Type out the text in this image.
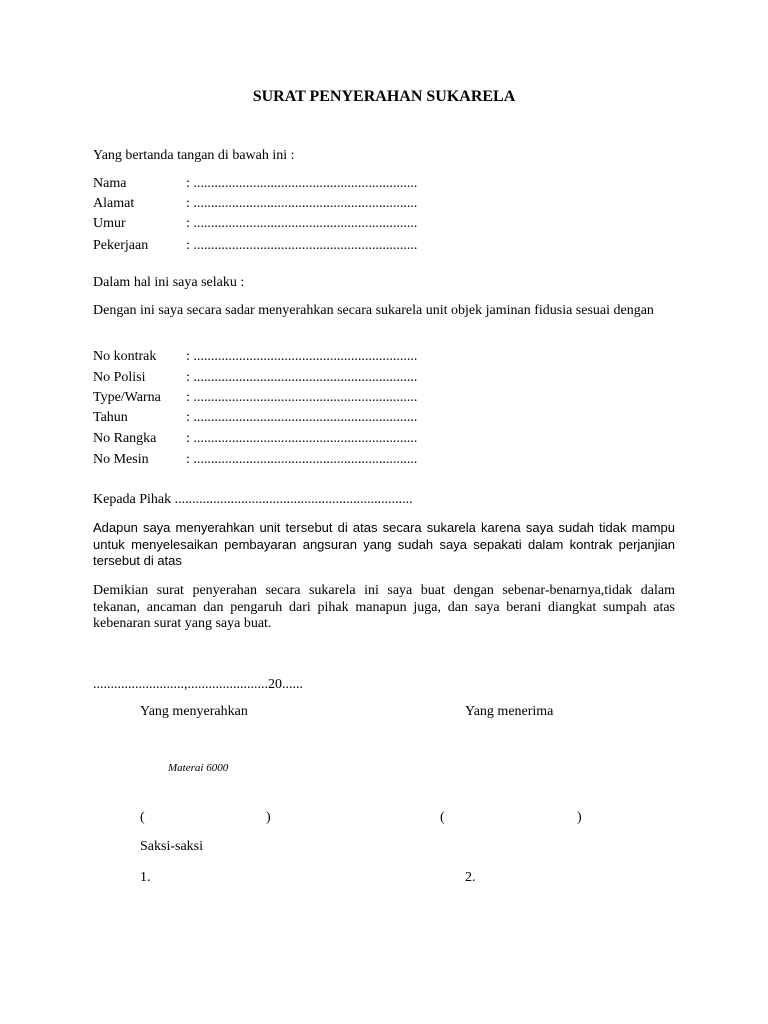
SURAT PENYERAHAN SUKARELA
Yang bertanda tangan di bawah ini :
Nama	: ................................................................
Alamat	: ................................................................
Umur	: ................................................................
Pekerjaan	: ................................................................
Dalam hal ini saya selaku :
Dengan ini saya secara sadar menyerahkan secara sukarela unit objek jaminan fidusia sesuai dengan
No kontrak : ................................................................
No Polisi	: ................................................................
Type/Warna : ................................................................
Tahun	: ................................................................
No Rangka : ................................................................
No Mesin	: ................................................................
Kepada Pihak ....................................................................
Adapun saya menyerahkan unit tersebut di atas secara sukarela karena saya sudah tidak mampu untuk menyelesaikan pembayaran angsuran yang sudah saya sepakati dalam kontrak perjanjian tersebut di atas
Demikian surat penyerahan secara sukarela ini saya buat dengan sebenar-benarnya,tidak dalam tekanan, ancaman dan pengaruh dari pihak manapun juga, dan saya berani diangkat sumpah atas kebenaran surat yang saya buat.
..........................,.......................20......
Yang menyerahkan	Yang menerima
Materai 6000
(	)	(	)
Saksi-saksi
1.	2.
